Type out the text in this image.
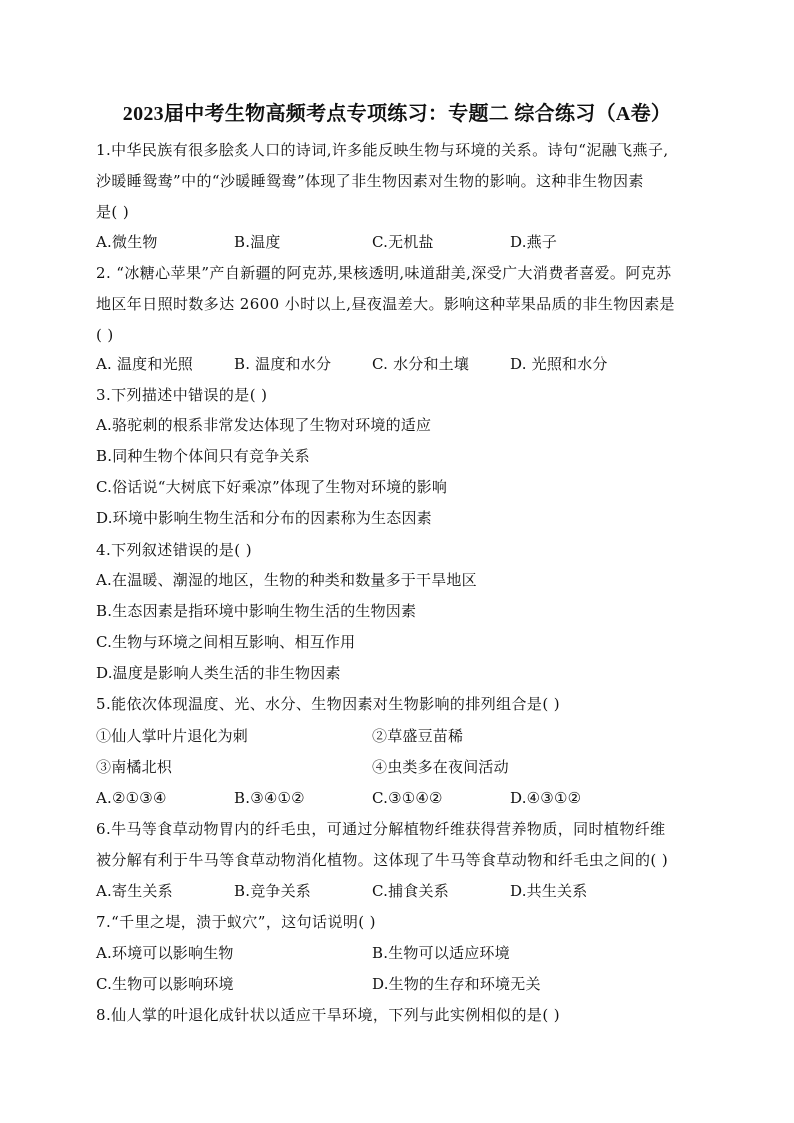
2023届中考生物高频考点专项练习：专题二 综合练习（A卷）
1.中华民族有很多脍炙人口的诗词,许多能反映生物与环境的关系。诗句“泥融飞燕子,
沙暖睡鸳鸯”中的“沙暖睡鸳鸯”体现了非生物因素对生物的影响。这种非生物因素
是( )
A.微生物	B.温度	C.无机盐	D.燕子
2. “冰糖心苹果”产自新疆的阿克苏,果核透明,味道甜美,深受广大消费者喜爱。阿克苏
地区年日照时数多达 2600 小时以上,昼夜温差大。影响这种苹果品质的非生物因素是
( )
A. 温度和光照	B. 温度和水分	C. 水分和土壤	D. 光照和水分
3.下列描述中错误的是( )
A.骆驼刺的根系非常发达体现了生物对环境的适应
B.同种生物个体间只有竞争关系
C.俗话说“大树底下好乘凉”体现了生物对环境的影响
D.环境中影响生物生活和分布的因素称为生态因素
4.下列叙述错误的是( )
A.在温暖、潮湿的地区，生物的种类和数量多于干旱地区
B.生态因素是指环境中影响生物生活的生物因素
C.生物与环境之间相互影响、相互作用
D.温度是影响人类生活的非生物因素
5.能依次体现温度、光、水分、生物因素对生物影响的排列组合是( )
①仙人掌叶片退化为刺	②草盛豆苗稀
③南橘北枳	④虫类多在夜间活动
A.②①③④	B.③④①②	C.③①④②	D.④③①②
6.牛马等食草动物胃内的纤毛虫，可通过分解植物纤维获得营养物质，同时植物纤维
被分解有利于牛马等食草动物消化植物。这体现了牛马等食草动物和纤毛虫之间的( )
A.寄生关系	B.竞争关系	C.捕食关系	D.共生关系
7.“千里之堤，溃于蚁穴”，这句话说明( )
A.环境可以影响生物	B.生物可以适应环境
C.生物可以影响环境	D.生物的生存和环境无关
8.仙人掌的叶退化成针状以适应干旱环境，下列与此实例相似的是( )
